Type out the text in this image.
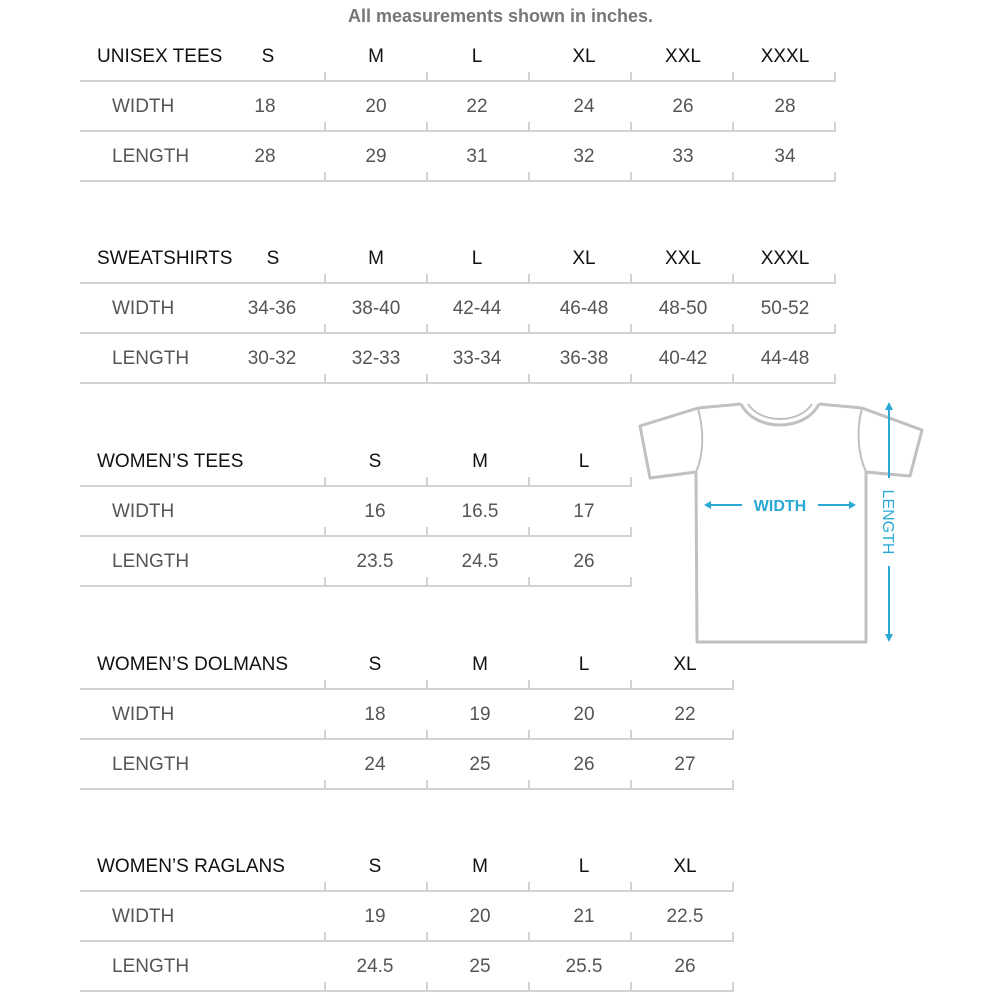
All measurements shown in inches.
UNISEX TEES	S	M	L	XL	XXL	XXXL
WIDTH	18	20	22	24	26	28
LENGTH	28	29	31	32	33	34
SWEATSHIRTS	S	M	L	XL	XXL	XXXL
WIDTH	34-36	38-40	42-44	46-48	48-50	50-52
LENGTH	30-32	32-33	33-34	36-38	40-42	44-48
WOMEN’S TEES	S	M	L
WIDTH	16	16.5	17
LENGTH	23.5	24.5	26
WOMEN’S DOLMANS	S	M	L	XL
WIDTH	18	19	20	22
LENGTH	24	25	26	27
WOMEN’S RAGLANS	S	M	L	XL
WIDTH	19	20	21	22.5
LENGTH	24.5	25	25.5	26
WIDTH	LENGTH
